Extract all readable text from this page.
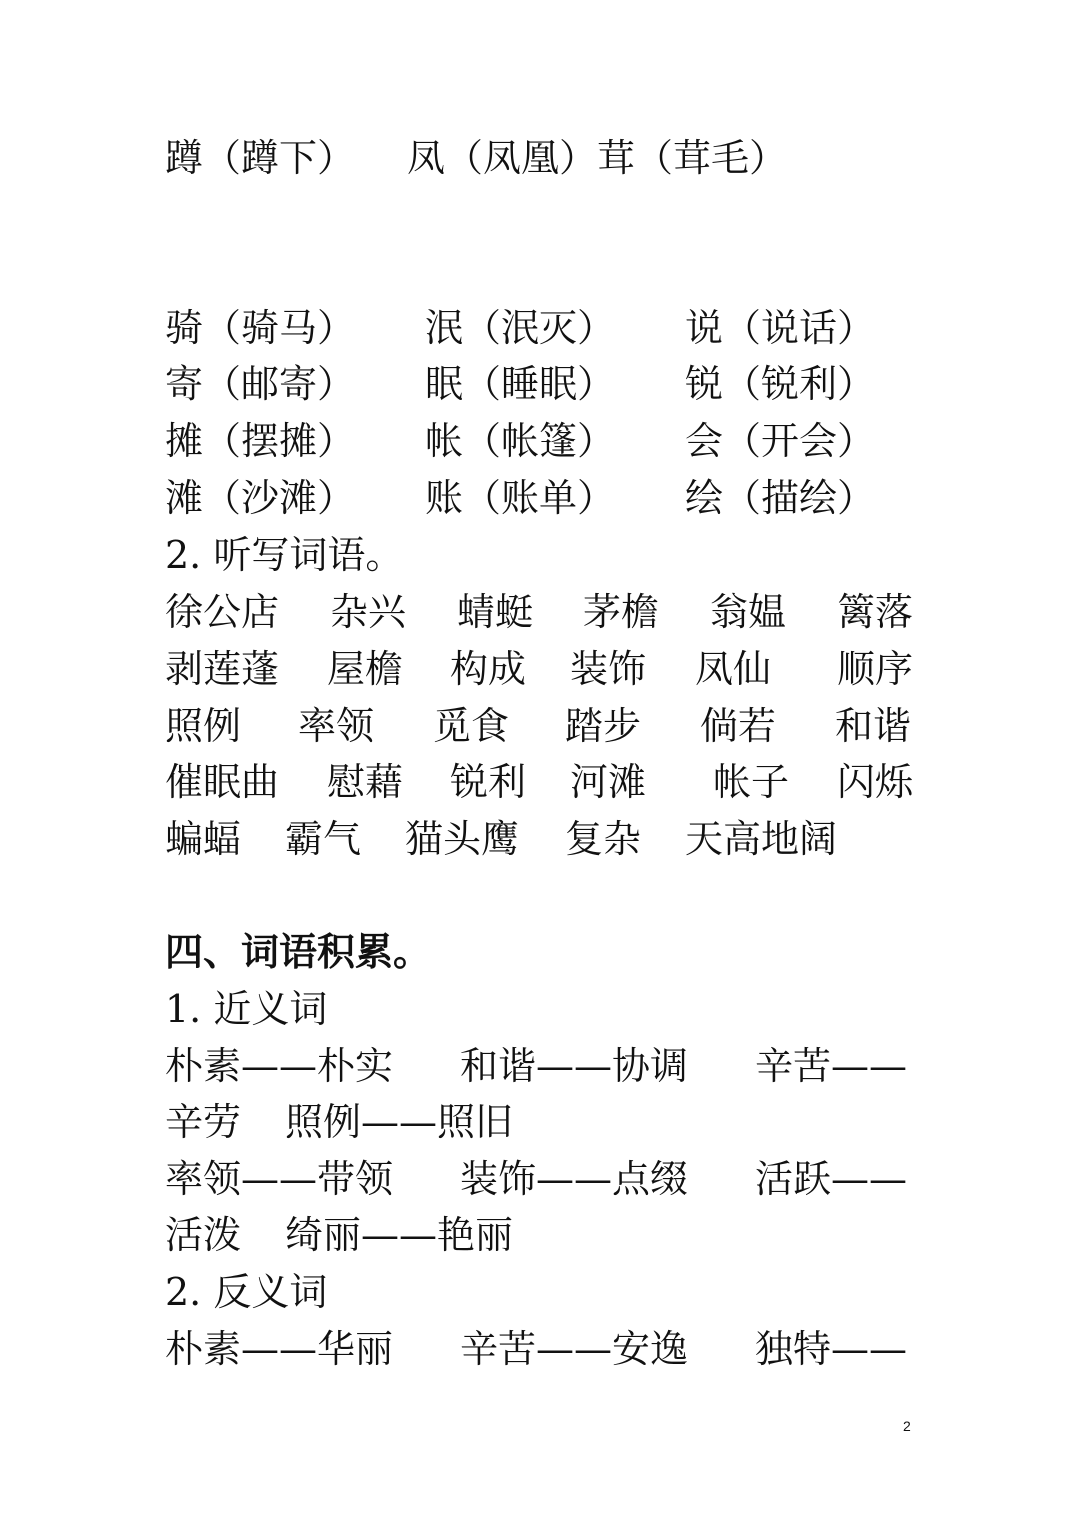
蹲（蹲下） 凤（凤凰）茸（茸毛）
骑（骑马） 泯（泯灭） 说（说话）
寄（邮寄） 眠（睡眠） 锐（锐利）
摊（摆摊） 帐（帐篷） 会（开会）
滩（沙滩） 账（账单） 绘（描绘）
2. 听写词语。
徐公店 杂兴 蜻蜓 茅檐 翁媪 篱落
剥莲蓬 屋檐 构成 装饰 凤仙 顺序
照例 率领 觅食 踏步 倘若 和谐
催眠曲 慰藉 锐利 河滩 帐子 闪烁
蝙蝠 霸气 猫头鹰 复杂 天高地阔
四、词语积累。
1. 近义词
朴素——朴实 和谐——协调 辛苦——
辛劳 照例——照旧
率领——带领 装饰——点缀 活跃——
活泼 绮丽——艳丽
2. 反义词
朴素——华丽 辛苦——安逸 独特——
2
